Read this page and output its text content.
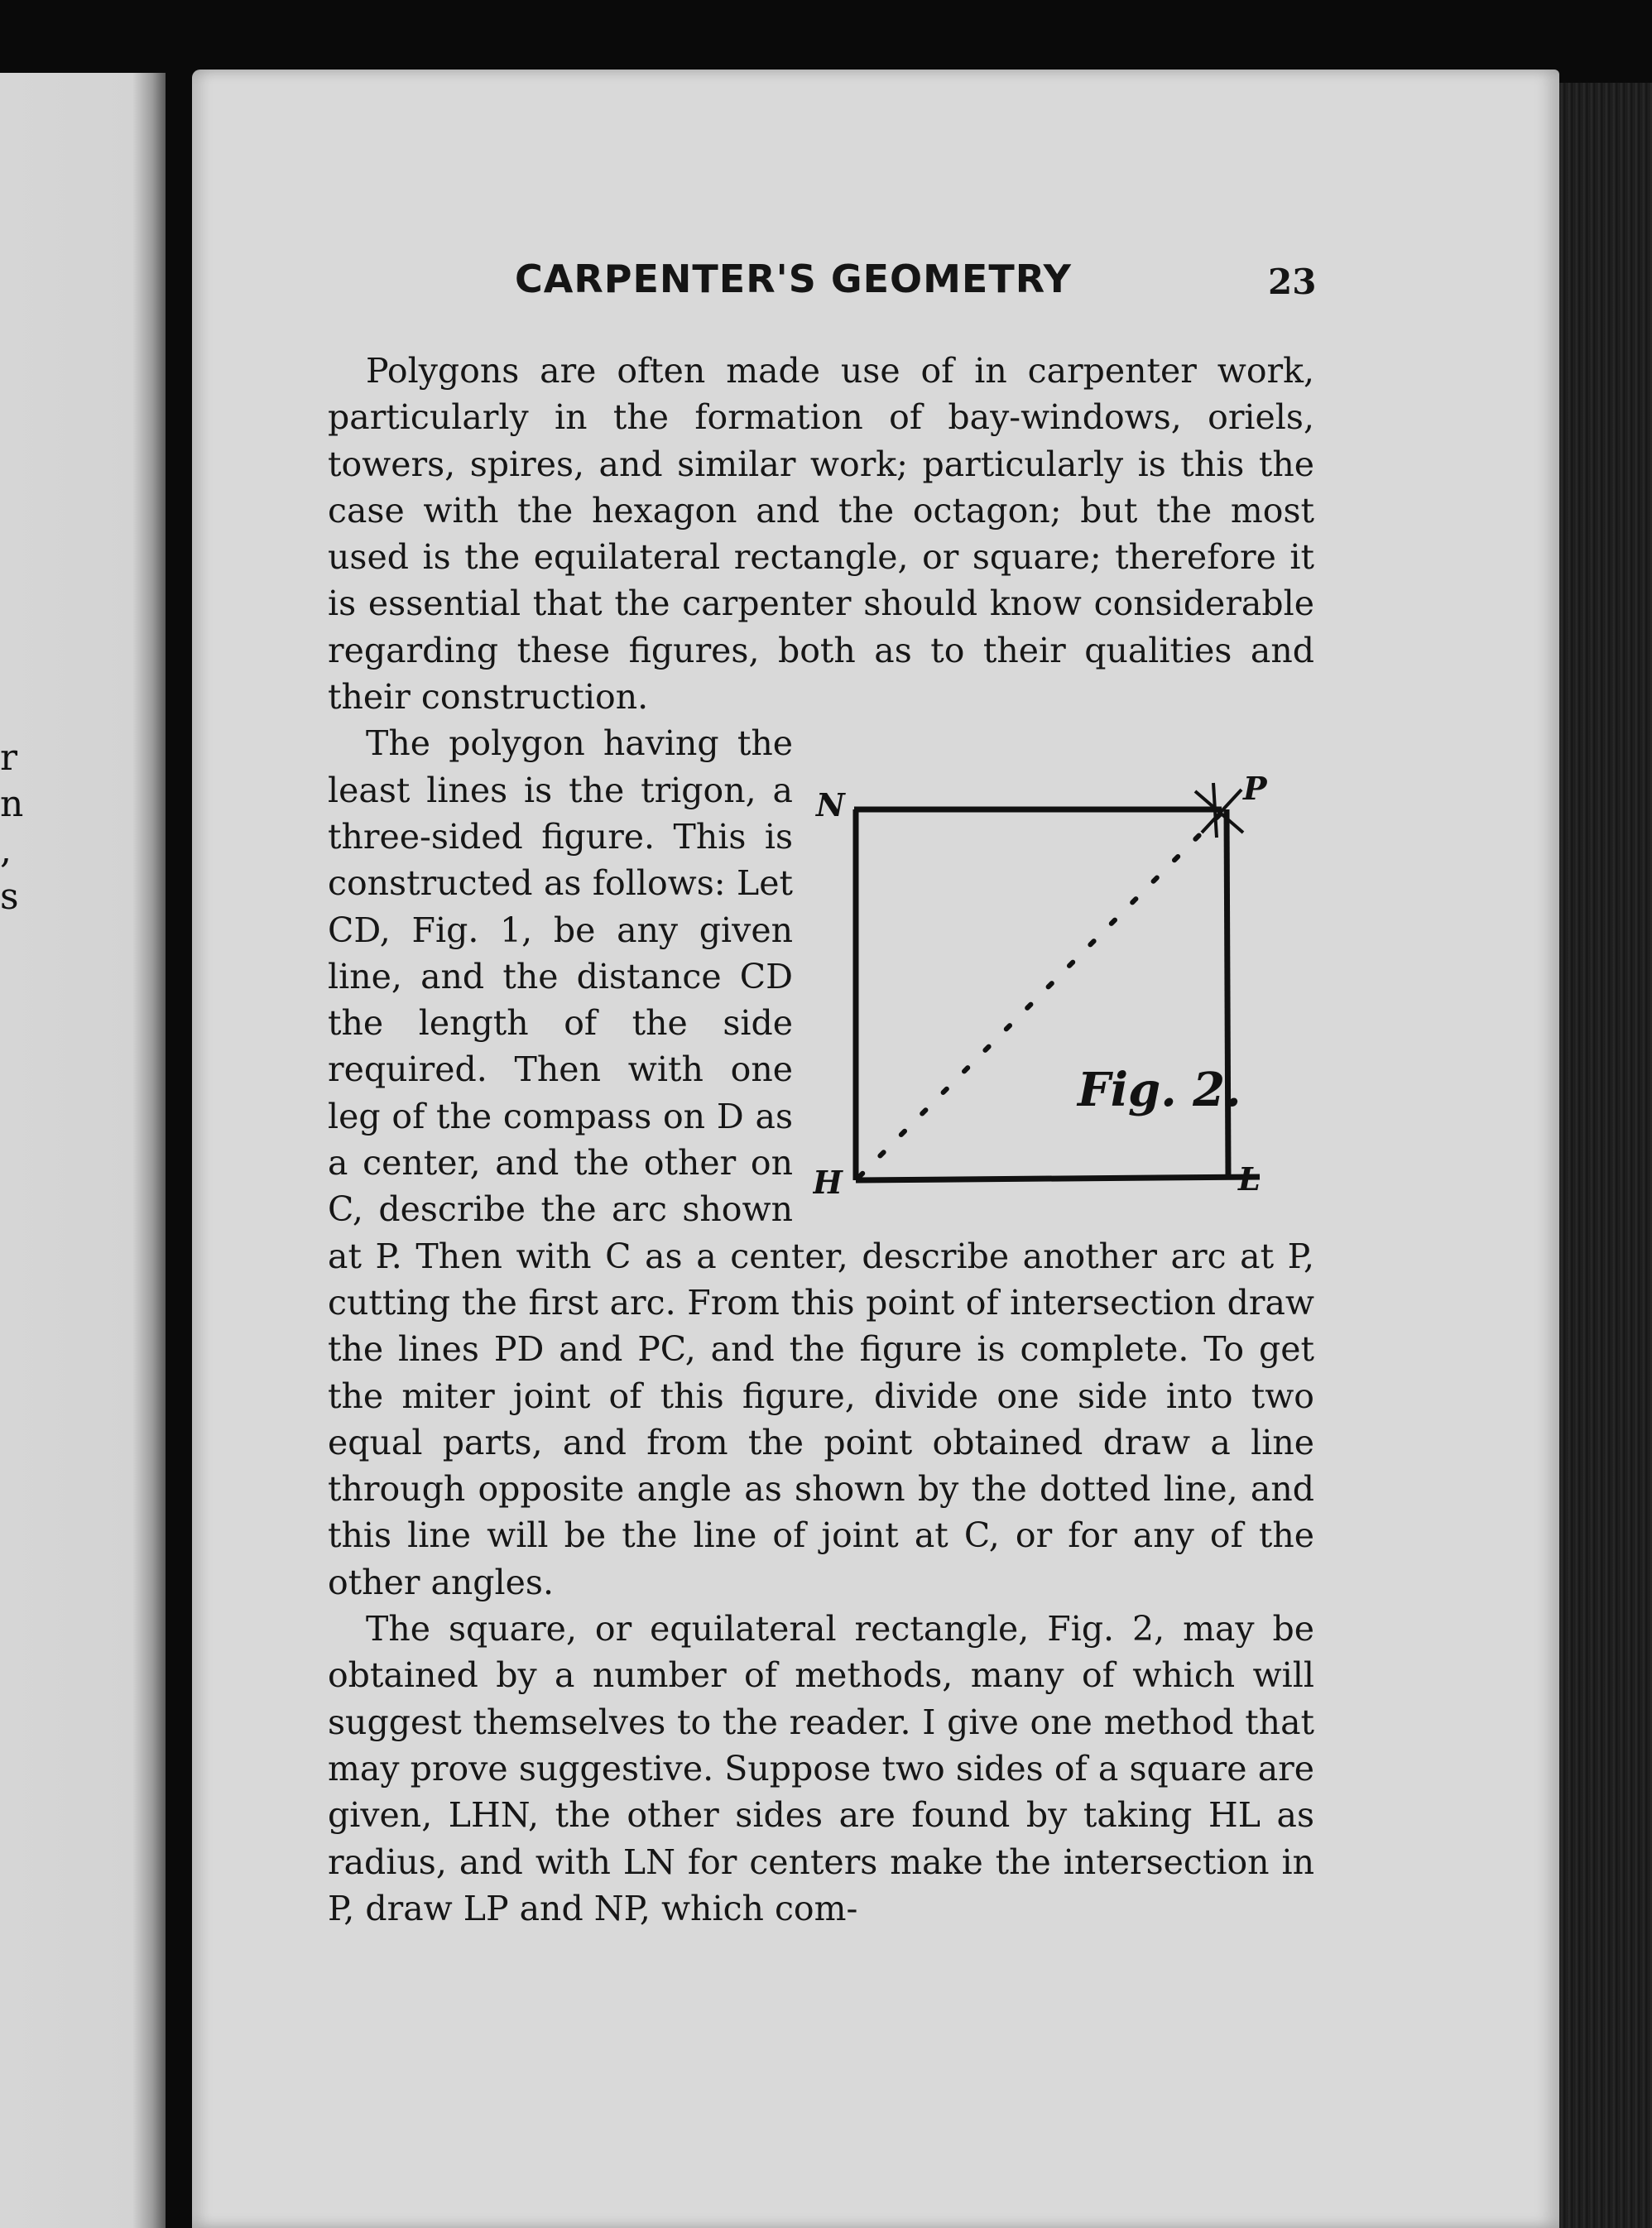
r
n
,
s
CARPENTER'S GEOMETRY	23

Polygons are often made use of in carpenter work, particularly in the formation of bay-windows, oriels, towers, spires, and similar work; particularly is this the case with the hexagon and the octagon; but the most used is the equilateral rectangle, or square; therefore it is essential that the carpenter should know considerable regarding these figures, both as to their qualities and their construction.

N	P
H	L
Fig. 2.

The polygon having the least lines is the trigon, a three-sided figure. This is constructed as follows: Let CD, Fig. 1, be any given line, and the distance CD the length of the side required. Then with one leg of the compass on D as a center, and the other on C, describe the arc shown at P. Then with C as a center, describe another arc at P, cutting the first arc. From this point of intersection draw the lines PD and PC, and the figure is complete. To get the miter joint of this figure, divide one side into two equal parts, and from the point obtained draw a line through opposite angle as shown by the dotted line, and this line will be the line of joint at C, or for any of the other angles.

The square, or equilateral rectangle, Fig. 2, may be obtained by a number of methods, many of which will suggest themselves to the reader. I give one method that may prove suggestive. Suppose two sides of a square are given, LHN, the other sides are found by taking HL as radius, and with LN for centers make the intersection in P, draw LP and NP, which com-
